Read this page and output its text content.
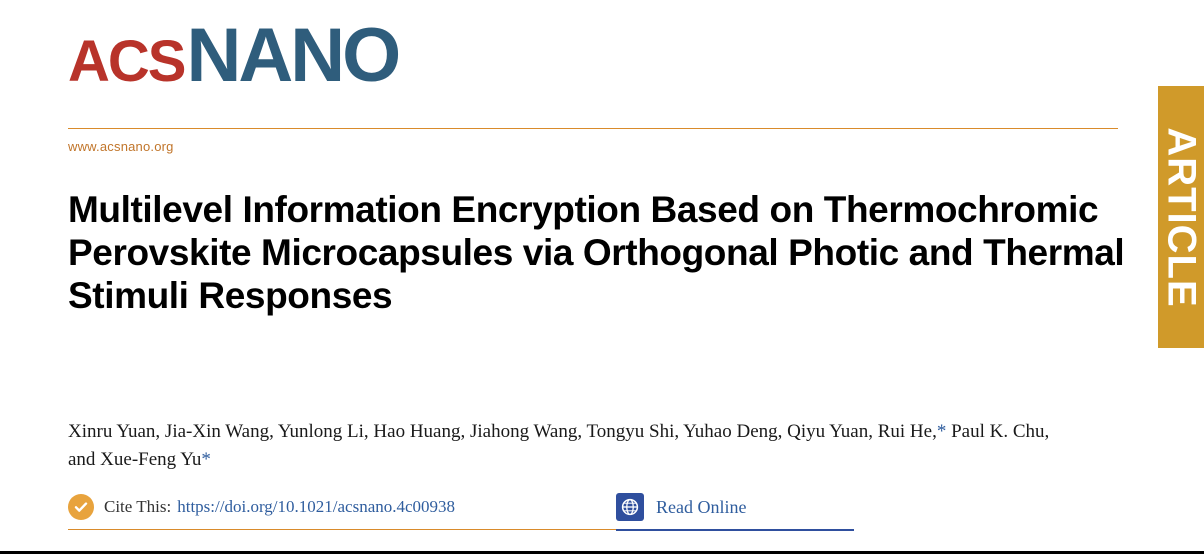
ACS NANO
www.acsnano.org
Multilevel Information Encryption Based on Thermochromic Perovskite Microcapsules via Orthogonal Photic and Thermal Stimuli Responses
Xinru Yuan, Jia-Xin Wang, Yunlong Li, Hao Huang, Jiahong Wang, Tongyu Shi, Yuhao Deng, Qiyu Yuan, Rui He,* Paul K. Chu, and Xue-Feng Yu*
Cite This: https://doi.org/10.1021/acsnano.4c00938	Read Online
ARTICLE
